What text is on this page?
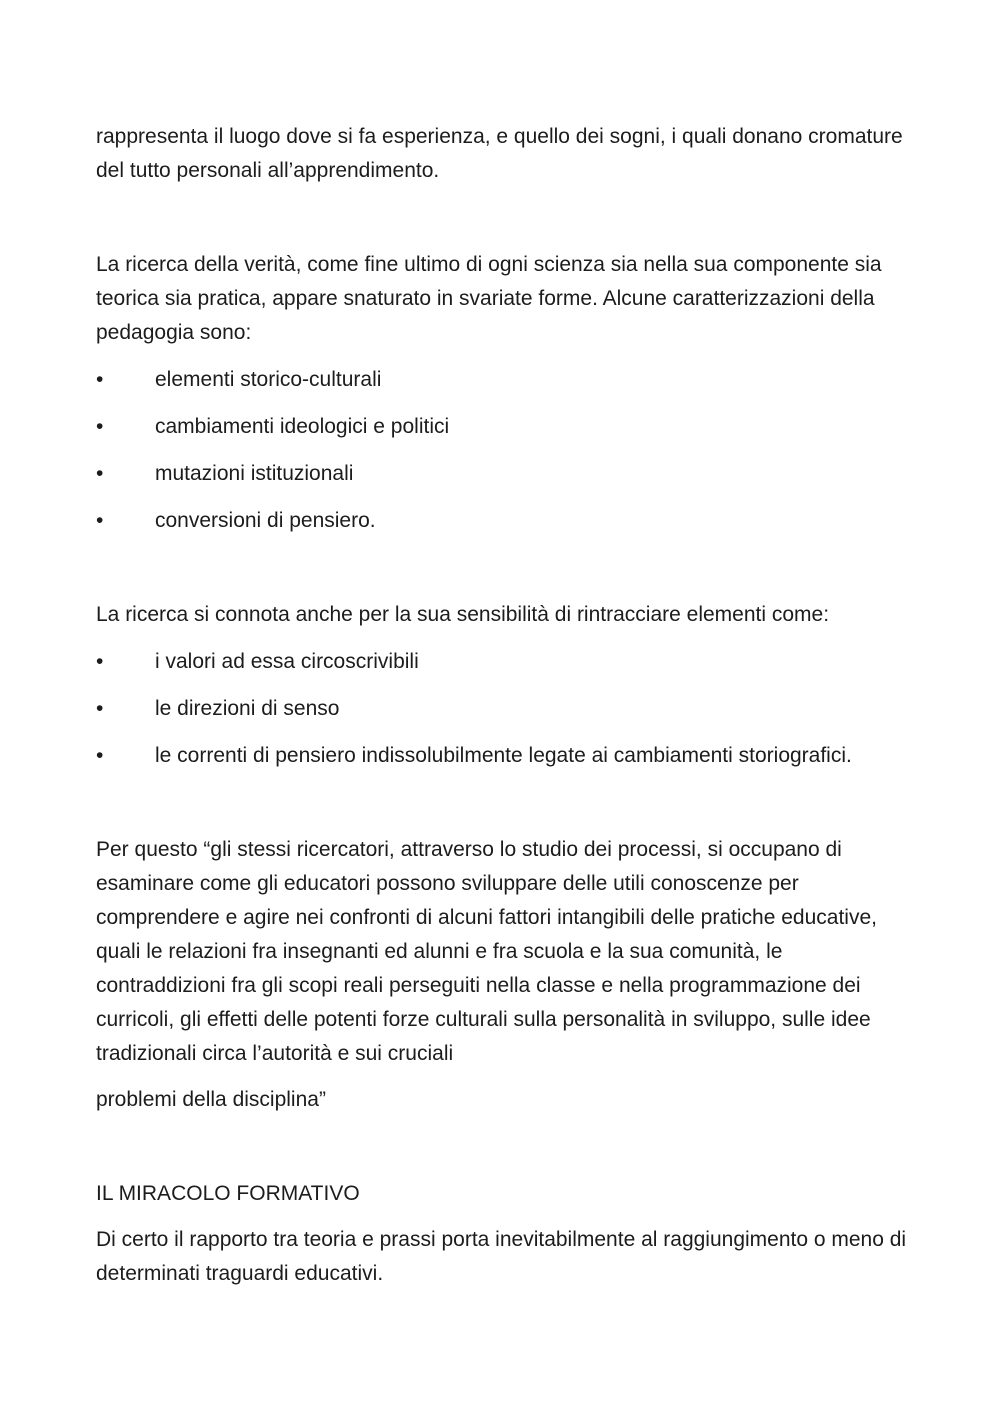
rappresenta il luogo dove si fa esperienza, e quello dei sogni, i quali donano cromature del tutto personali all’apprendimento.

La ricerca della verità, come fine ultimo di ogni scienza sia nella sua componente sia teorica sia pratica, appare snaturato in svariate forme. Alcune caratterizzazioni della pedagogia sono:

•	elementi storico-culturali
•	cambiamenti ideologici e politici
•	mutazioni istituzionali
•	conversioni di pensiero.

La ricerca si connota anche per la sua sensibilità di rintracciare elementi come:

•	i valori ad essa circoscrivibili
•	le direzioni di senso
•	le correnti di pensiero indissolubilmente legate ai cambiamenti storiografici.

Per questo “gli stessi ricercatori, attraverso lo studio dei processi, si occupano di esaminare come gli educatori possono sviluppare delle utili conoscenze per comprendere e agire nei confronti di alcuni fattori intangibili delle pratiche educative, quali le relazioni fra insegnanti ed alunni e fra scuola e la sua comunità, le contraddizioni fra gli scopi reali perseguiti nella classe e nella programmazione dei curricoli, gli effetti delle potenti forze culturali sulla personalità in sviluppo, sulle idee tradizionali circa l’autorità e sui cruciali

problemi della disciplina”

IL MIRACOLO FORMATIVO

Di certo il rapporto tra teoria e prassi porta inevitabilmente al raggiungimento o meno di determinati traguardi educativi.
